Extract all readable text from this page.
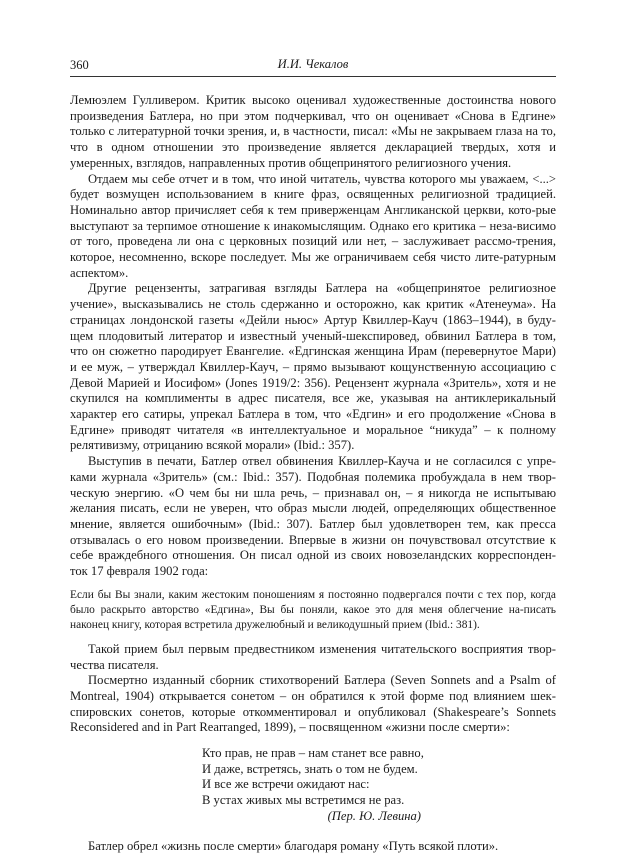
360	И.И. Чекалов

Лемюэлем Гулливером. Критик высоко оценивал художественные достоинства нового произведения Батлера, но при этом подчеркивал, что он оценивает «Снова в Едгине» только с литературной точки зрения, и, в частности, писал: «Мы не закрываем глаза на то, что в одном отношении это произведение является декларацией твердых, хотя и умеренных, взглядов, направленных против общепринятого религиозного учения.

Отдаем мы себе отчет и в том, что иной читатель, чувства которого мы уважаем, <...> будет возмущен использованием в книге фраз, освященных религиозной традицией. Номинально автор причисляет себя к тем приверженцам Англиканской церкви, кото-рые выступают за терпимое отношение к инакомыслящим. Однако его критика – неза-висимо от того, проведена ли она с церковных позиций или нет, – заслуживает рассмо-трения, которое, несомненно, вскоре последует. Мы же ограничиваем себя чисто лите-ратурным аспектом».

Другие рецензенты, затрагивая взгляды Батлера на «общепринятое религиозное учение», высказывались не столь сдержанно и осторожно, как критик «Атенеума». На страницах лондонской газеты «Дейли ньюс» Артур Квиллер-Кауч (1863–1944), в буду-щем плодовитый литератор и известный ученый-шекспировед, обвинил Батлера в том, что он сюжетно пародирует Евангелие. «Едгинская женщина Ирам (перевернутое Мари) и ее муж, – утверждал Квиллер-Кауч, – прямо вызывают кощунственную ассоциацию с Девой Марией и Иосифом» (Jones 1919/2: 356). Рецензент журнала «Зритель», хотя и не скупился на комплименты в адрес писателя, все же, указывая на антиклерикальный характер его сатиры, упрекал Батлера в том, что «Едгин» и его продолжение «Снова в Едгине» приводят читателя «в интеллектуальное и моральное “никуда” – к полному релятивизму, отрицанию всякой морали» (Ibid.: 357).

Выступив в печати, Батлер отвел обвинения Квиллер-Кауча и не согласился с упре-ками журнала «Зритель» (см.: Ibid.: 357). Подобная полемика пробуждала в нем твор-ческую энергию. «О чем бы ни шла речь, – признавал он, – я никогда не испытываю желания писать, если не уверен, что образ мысли людей, определяющих общественное мнение, является ошибочным» (Ibid.: 307). Батлер был удовлетворен тем, как пресса отзывалась о его новом произведении. Впервые в жизни он почувствовал отсутствие к себе враждебного отношения. Он писал одной из своих новозеландских корреспонден-ток 17 февраля 1902 года:

Если бы Вы знали, каким жестоким поношениям я постоянно подвергался почти с тех пор, когда было раскрыто авторство «Едгина», Вы бы поняли, какое это для меня облегчение на-писать наконец книгу, которая встретила дружелюбный и великодушный прием (Ibid.: 381).

Такой прием был первым предвестником изменения читательского восприятия твор-чества писателя.

Посмертно изданный сборник стихотворений Батлера (Seven Sonnets and a Psalm of Montreal, 1904) открывается сонетом – он обратился к этой форме под влиянием шек-спировских сонетов, которые откомментировал и опубликовал (Shakespeare’s Sonnets Reconsidered and in Part Rearranged, 1899), – посвященном «жизни после смерти»:

Кто прав, не прав – нам станет все равно,
И даже, встретясь, знать о том не будем.
И все же встречи ожидают нас:
В устах живых мы встретимся не раз.
(Пер. Ю. Левина)

Батлер обрел «жизнь после смерти» благодаря роману «Путь всякой плоти».
